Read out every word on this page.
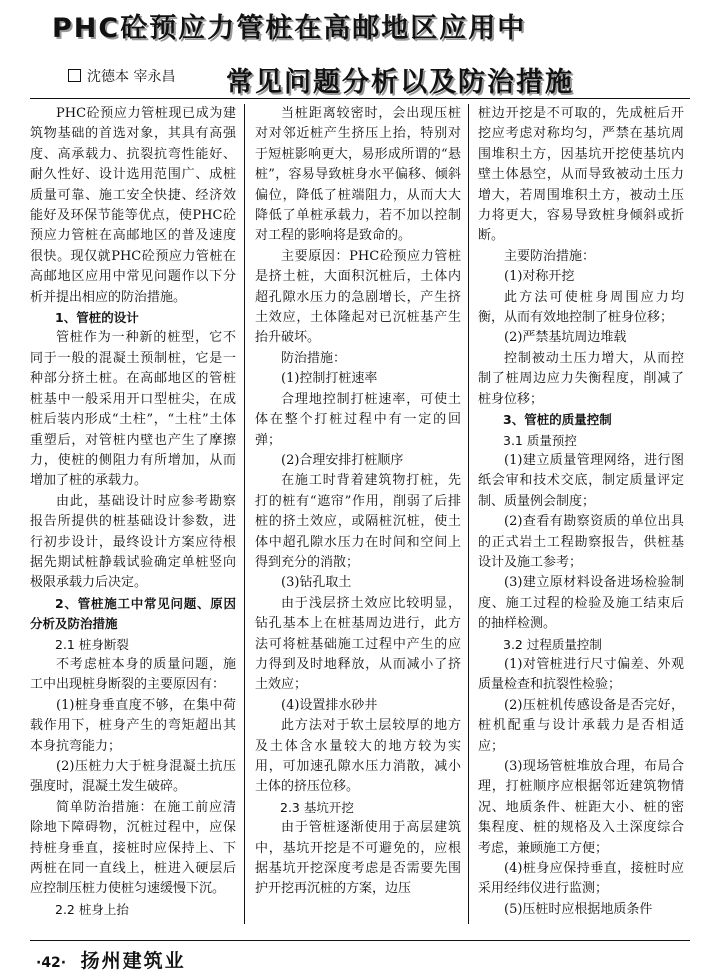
PHC砼预应力管桩在高邮地区应用中
沈德本 宰永昌 常见问题分析以及防治措施

PHC砼预应力管桩现已成为建筑物基础的首选对象，其具有高强度、高承载力、抗裂抗弯性能好、耐久性好、设计选用范围广、成桩质量可靠、施工安全快捷、经济效能好及环保节能等优点，使PHC砼预应力管桩在高邮地区的普及速度很快。现仅就PHC砼预应力管桩在高邮地区应用中常见问题作以下分析并提出相应的防治措施。

1、管桩的设计

管桩作为一种新的桩型，它不同于一般的混凝土预制桩，它是一种部分挤土桩。在高邮地区的管桩桩基中一般采用开口型桩尖，在成桩后装内形成“土柱”，“土柱”土体重塑后，对管桩内壁也产生了摩擦力，使桩的侧阻力有所增加，从而增加了桩的承载力。

由此，基础设计时应参考勘察报告所提供的桩基础设计参数，进行初步设计，最终设计方案应待根据先期试桩静载试验确定单桩竖向极限承载力后决定。

2、管桩施工中常见问题、原因分析及防治措施

2.1 桩身断裂

不考虑桩本身的质量问题，施工中出现桩身断裂的主要原因有：

(1)桩身垂直度不够，在集中荷载作用下，桩身产生的弯矩超出其本身抗弯能力；

(2)压桩力大于桩身混凝土抗压强度时，混凝土发生破碎。

简单防治措施：在施工前应清除地下障碍物，沉桩过程中，应保持桩身垂直，接桩时应保持上、下两桩在同一直线上，桩进入硬层后应控制压桩力使桩匀速缓慢下沉。

2.2 桩身上抬

当桩距离较密时，会出现压桩对对邻近桩产生挤压上抬，特别对于短桩影响更大，易形成所谓的“悬桩”，容易导致桩身水平偏移、倾斜偏位，降低了桩端阻力，从而大大降低了单桩承载力，若不加以控制对工程的影响将是致命的。

主要原因：PHC砼预应力管桩是挤土桩，大面积沉桩后，土体内超孔隙水压力的急剧增长，产生挤土效应，土体隆起对已沉桩基产生抬升破坏。

防治措施：

(1)控制打桩速率

合理地控制打桩速率，可使土体在整个打桩过程中有一定的回弹；

(2)合理安排打桩顺序

在施工时背着建筑物打桩，先打的桩有“遮帘”作用，削弱了后排桩的挤土效应，或隔桩沉桩，使土体中超孔隙水压力在时间和空间上得到充分的消散；

(3)钻孔取土

由于浅层挤土效应比较明显，钻孔基本上在桩基周边进行，此方法可将桩基础施工过程中产生的应力得到及时地释放，从而减小了挤土效应；

(4)设置排水砂井

此方法对于软土层较厚的地方及土体含水量较大的地方较为实用，可加速孔隙水压力消散，减小土体的挤压位移。

2.3 基坑开挖

由于管桩逐渐使用于高层建筑中，基坑开挖是不可避免的，应根据基坑开挖深度考虑是否需要先围护开挖再沉桩的方案，边压

桩边开挖是不可取的，先成桩后开挖应考虑对称均匀，严禁在基坑周围堆积土方，因基坑开挖使基坑内壁土体悬空，从而导致被动土压力增大，若周围堆积土方，被动土压力将更大，容易导致桩身倾斜或折断。

主要防治措施：

(1)对称开挖

此方法可使桩身周围应力均衡，从而有效地控制了桩身位移；

(2)严禁基坑周边堆载

控制被动土压力增大，从而控制了桩周边应力失衡程度，削减了桩身位移；

3、管桩的质量控制

3.1 质量预控

(1)建立质量管理网络，进行图纸会审和技术交底，制定质量评定制、质量例会制度；

(2)查看有勘察资质的单位出具的正式岩土工程勘察报告，供桩基设计及施工参考；

(3)建立原材料设备进场检验制度、施工过程的检验及施工结束后的抽样检测。

3.2 过程质量控制

(1)对管桩进行尺寸偏差、外观质量检查和抗裂性检验；

(2)压桩机传感设备是否完好，桩机配重与设计承载力是否相适应；

(3)现场管桩堆放合理，布局合理，打桩顺序应根据邻近建筑物情况、地质条件、桩距大小、桩的密集程度、桩的规格及入土深度综合考虑，兼顾施工方便；

(4)桩身应保持垂直，接桩时应采用经纬仪进行监测；

(5)压桩时应根据地质条件

·42· 扬州建筑业
